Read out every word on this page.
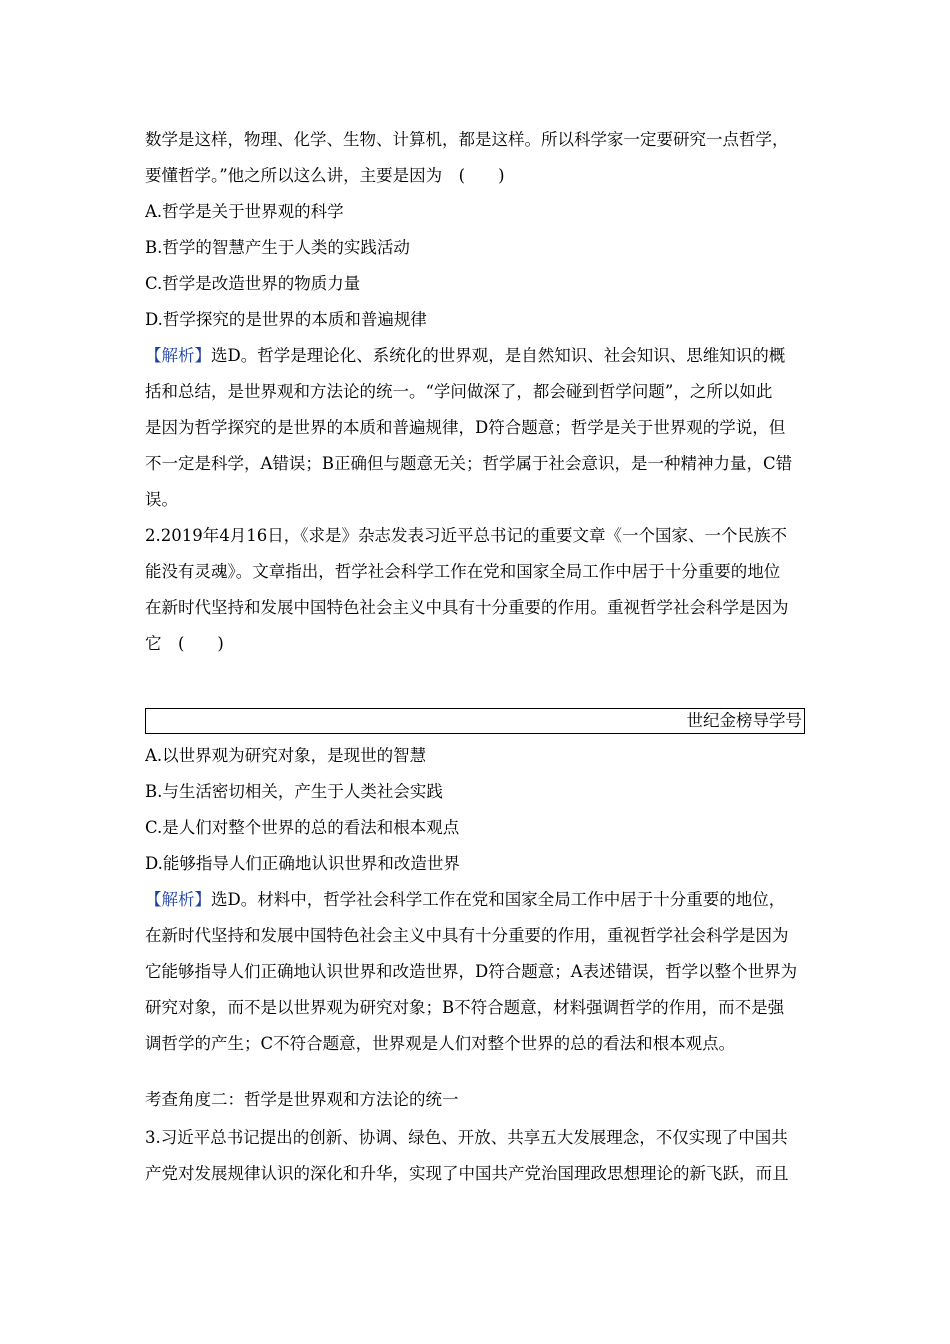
数学是这样，物理、化学、生物、计算机，都是这样。所以科学家一定要研究一点哲学，
要懂哲学。”他之所以这么讲，主要是因为　(　　)
A.哲学是关于世界观的科学
B.哲学的智慧产生于人类的实践活动
C.哲学是改造世界的物质力量
D.哲学探究的是世界的本质和普遍规律
【解析】选D。哲学是理论化、系统化的世界观，是自然知识、社会知识、思维知识的概
括和总结，是世界观和方法论的统一。“学问做深了，都会碰到哲学问题”，之所以如此
是因为哲学探究的是世界的本质和普遍规律，D符合题意；哲学是关于世界观的学说，但
不一定是科学，A错误；B正确但与题意无关；哲学属于社会意识，是一种精神力量，C错
误。
2.2019年4月16日，《求是》杂志发表习近平总书记的重要文章《一个国家、一个民族不
能没有灵魂》。文章指出，哲学社会科学工作在党和国家全局工作中居于十分重要的地位
在新时代坚持和发展中国特色社会主义中具有十分重要的作用。重视哲学社会科学是因为
它　(　　)
世纪金榜导学号
A.以世界观为研究对象，是现世的智慧
B.与生活密切相关，产生于人类社会实践
C.是人们对整个世界的总的看法和根本观点
D.能够指导人们正确地认识世界和改造世界
【解析】选D。材料中，哲学社会科学工作在党和国家全局工作中居于十分重要的地位，
在新时代坚持和发展中国特色社会主义中具有十分重要的作用，重视哲学社会科学是因为
它能够指导人们正确地认识世界和改造世界，D符合题意；A表述错误，哲学以整个世界为
研究对象，而不是以世界观为研究对象；B不符合题意，材料强调哲学的作用，而不是强
调哲学的产生；C不符合题意，世界观是人们对整个世界的总的看法和根本观点。
考查角度二：哲学是世界观和方法论的统一
3.习近平总书记提出的创新、协调、绿色、开放、共享五大发展理念，不仅实现了中国共
产党对发展规律认识的深化和升华，实现了中国共产党治国理政思想理论的新飞跃，而且
